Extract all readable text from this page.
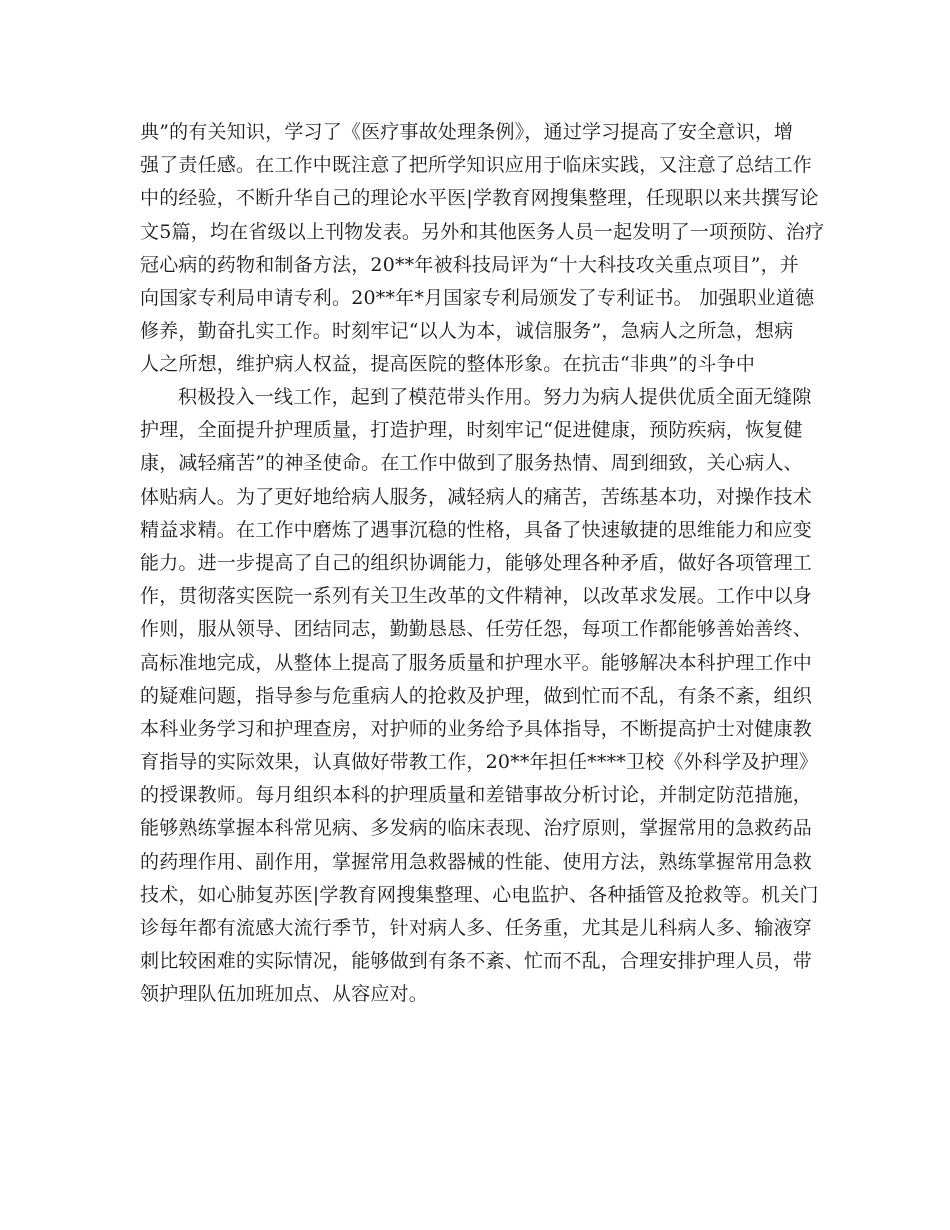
典”的有关知识，学习了《医疗事故处理条例》，通过学习提高了安全意识，增
强了责任感。在工作中既注意了把所学知识应用于临床实践，又注意了总结工作
中的经验，不断升华自己的理论水平医|学教育网搜集整理，任现职以来共撰写论
文5篇，均在省级以上刊物发表。另外和其他医务人员一起发明了一项预防、治疗
冠心病的药物和制备方法，20**年被科技局评为“十大科技攻关重点项目”，并
向国家专利局申请专利。20**年*月国家专利局颁发了专利证书。 加强职业道德
修养，勤奋扎实工作。时刻牢记“以人为本，诚信服务”，急病人之所急，想病
人之所想，维护病人权益，提高医院的整体形象。在抗击“非典”的斗争中
积极投入一线工作，起到了模范带头作用。努力为病人提供优质全面无缝隙
护理，全面提升护理质量，打造护理，时刻牢记“促进健康，预防疾病，恢复健
康，减轻痛苦”的神圣使命。在工作中做到了服务热情、周到细致，关心病人、
体贴病人。为了更好地给病人服务，减轻病人的痛苦，苦练基本功，对操作技术
精益求精。在工作中磨炼了遇事沉稳的性格，具备了快速敏捷的思维能力和应变
能力。进一步提高了自己的组织协调能力，能够处理各种矛盾，做好各项管理工
作，贯彻落实医院一系列有关卫生改革的文件精神，以改革求发展。工作中以身
作则，服从领导、团结同志，勤勤恳恳、任劳任怨，每项工作都能够善始善终、
高标准地完成，从整体上提高了服务质量和护理水平。能够解决本科护理工作中
的疑难问题，指导参与危重病人的抢救及护理，做到忙而不乱，有条不紊，组织
本科业务学习和护理查房，对护师的业务给予具体指导，不断提高护士对健康教
育指导的实际效果，认真做好带教工作，20**年担任****卫校《外科学及护理》
的授课教师。每月组织本科的护理质量和差错事故分析讨论，并制定防范措施，
能够熟练掌握本科常见病、多发病的临床表现、治疗原则，掌握常用的急救药品
的药理作用、副作用，掌握常用急救器械的性能、使用方法，熟练掌握常用急救
技术，如心肺复苏医|学教育网搜集整理、心电监护、各种插管及抢救等。机关门
诊每年都有流感大流行季节，针对病人多、任务重，尤其是儿科病人多、输液穿
刺比较困难的实际情况，能够做到有条不紊、忙而不乱，合理安排护理人员，带
领护理队伍加班加点、从容应对。
